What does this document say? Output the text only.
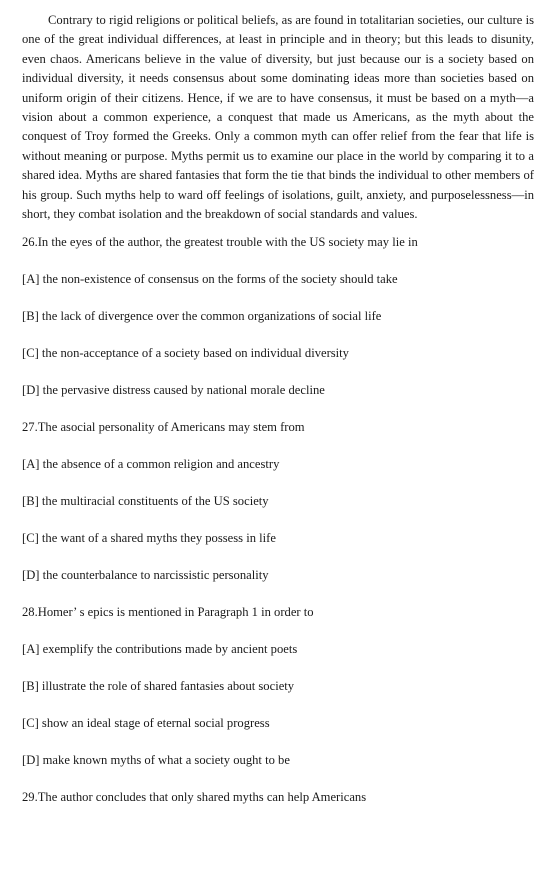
Contrary to rigid religions or political beliefs, as are found in totalitarian societies, our culture is one of the great individual differences, at least in principle and in theory; but this leads to disunity, even chaos. Americans believe in the value of diversity, but just because our is a society based on individual diversity, it needs consensus about some dominating ideas more than societies based on uniform origin of their citizens. Hence, if we are to have consensus, it must be based on a myth—a vision about a common experience, a conquest that made us Americans, as the myth about the conquest of Troy formed the Greeks. Only a common myth can offer relief from the fear that life is without meaning or purpose. Myths permit us to examine our place in the world by comparing it to a shared idea. Myths are shared fantasies that form the tie that binds the individual to other members of his group. Such myths help to ward off feelings of isolations, guilt, anxiety, and purposelessness—in short, they combat isolation and the breakdown of social standards and values.

26.In the eyes of the author, the greatest trouble with the US society may lie in

[A] the non-existence of consensus on the forms of the society should take

[B] the lack of divergence over the common organizations of social life

[C] the non-acceptance of a society based on individual diversity

[D] the pervasive distress caused by national morale decline

27.The asocial personality of Americans may stem from

[A] the absence of a common religion and ancestry

[B] the multiracial constituents of the US society

[C] the want of a shared myths they possess in life

[D] the counterbalance to narcissistic personality

28.Homer’ s epics is mentioned in Paragraph 1 in order to

[A] exemplify the contributions made by ancient poets

[B] illustrate the role of shared fantasies about society

[C] show an ideal stage of eternal social progress

[D] make known myths of what a society ought to be

29.The author concludes that only shared myths can help Americans
